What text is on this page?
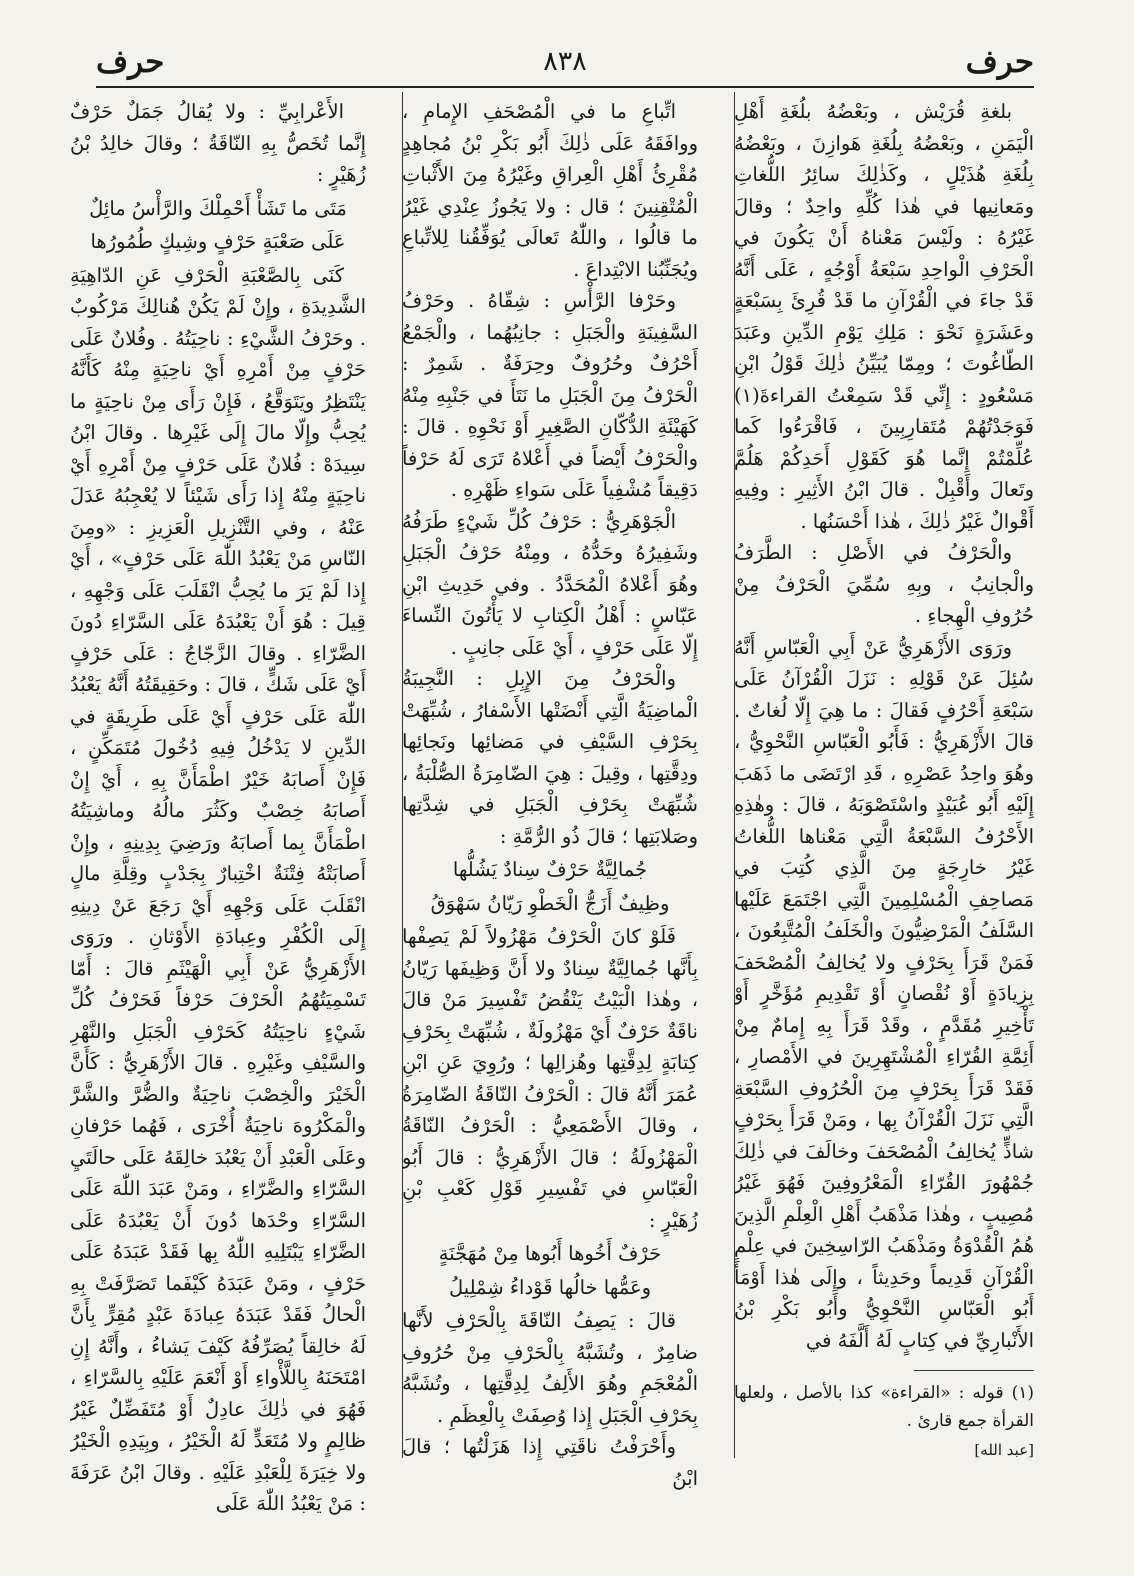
حرف
٨٣٨
حرف

بلغةِ قُرَيْش ، وبَعْضُهُ بلُغَةِ أَهْلِ الْيَمَنِ ، وبَعْضُهُ بِلُغَةِ هَوازِنَ ، وبَعْضُهُ بِلُغَةِ هُذَيْلٍ ، وكَذٰلِكَ سائِرُ اللُّغاتِ ومَعانِيها في هٰذا كُلِّهِ واحِدٌ ؛ وقالَ غَيْرُهُ : ولَيْسَ مَعْناهُ أَنْ يَكُونَ في الْحَرْفِ الْواحِدِ سَبْعَةُ أَوْجُهٍ ، عَلَى أَنَّهُ قَدْ جاءَ في الْقُرْآنِ ما قَدْ قُرِئَ بِسَبْعَةٍ وعَشَرَةٍ نَحْوَ : مَلِكِ يَوْمِ الدِّينِ وعَبَدَ الطّاغُوتَ ؛ ومِمّا يُبَيِّنُ ذٰلِكَ قَوْلُ ابْنِ مَسْعُودٍ : إِنِّي قَدْ سَمِعْتُ القراءةَ(١) فَوَجَدْتُهُمْ مُتَقارِبِينَ ، فَاقْرَءُوا كَما عُلِّمْتُمْ إِنَّما هُوَ كَقَوْلِ أَحَدِكُمْ هَلُمَّ وتَعالَ وأَقْبِلْ . قالَ ابْنُ الأَثِيرِ : وفِيهِ أَقْوالٌ غَيْرُ ذٰلِكَ ، هٰذا أَحْسَنُها .

والْحَرْفُ في الأَصْلِ : الطَّرَفُ والْجانِبُ ، وبِهِ سُمِّيَ الْحَرْفُ مِنْ حُرُوفِ الْهِجاءِ .

ورَوَى الأَزْهَرِيُّ عَنْ أَبِي الْعَبّاسِ أَنَّهُ سُئِلَ عَنْ قَوْلِهِ : نَزَلَ الْقُرْآنُ عَلَى سَبْعَةِ أَحْرُفٍ فَقالَ : ما هِيَ إِلّا لُغاتٌ . قالَ الأَزْهَرِيُّ : فَأَبُو الْعَبّاسِ النَّحْوِيُّ ، وهُوَ واحِدُ عَصْرِهِ ، قَدِ ارْتَضَى ما ذَهَبَ إِلَيْهِ أَبُو عُبَيْدٍ واسْتَصْوَبَهُ ، قالَ : وهٰذِهِ الأَحْرُفُ السَّبْعَةُ الَّتِي مَعْناها اللُّغاتُ غَيْرُ خارِجَةٍ مِنَ الَّذِي كُتِبَ في مَصاحِفِ الْمُسْلِمِينَ الَّتِي اجْتَمَعَ عَلَيْها السَّلَفُ الْمَرْضِيُّونَ والْخَلَفُ الْمُتَّبِعُونَ ، فَمَنْ قَرَأَ بِحَرْفٍ ولا يُخالِفُ الْمُصْحَفَ بِزِيادَةٍ أَوْ نُقْصانٍ أَوْ تَقْدِيمِ مُؤَخَّرٍ أَوْ تَأْخِيرِ مُقَدَّمٍ ، وقَدْ قَرَأَ بِهِ إِمامٌ مِنْ أَئِمَّةِ القُرّاءِ الْمُشْتَهِرِينَ في الأَمْصارِ ، فَقَدْ قَرَأَ بِحَرْفٍ مِنَ الْحُرُوفِ السَّبْعَةِ الَّتِي نَزَلَ الْقُرْآنُ بِها ، ومَنْ قَرَأَ بِحَرْفٍ شاذٍّ يُخالِفُ الْمُصْحَفَ وخالَفَ في ذٰلِكَ جُمْهُورَ القُرّاءِ الْمَعْرُوفِينَ فَهُوَ غَيْرُ مُصِيبٍ ، وهٰذا مَذْهَبُ أَهْلِ الْعِلْمِ الَّذِينَ هُمُ الْقُدْوَةُ ومَذْهَبُ الرّاسِخِينَ في عِلْمِ الْقُرْآنِ قَدِيماً وحَدِيثاً ، وإِلَى هٰذا أَوْمَأَ أَبُو الْعَبّاسِ النَّحْوِيُّ وأَبُو بَكْرِ بْنُ الأَنْبارِيِّ في كِتابٍ لَهُ أَلَّفَهُ في

(١) قوله : «القراءة» كذا بالأصل ، ولعلها القرأة جمع قارئ .

[عبد الله]

اتِّباعِ ما في الْمُصْحَفِ الإِمامِ ، ووافَقَهُ عَلَى ذٰلِكَ أَبُو بَكْرِ بْنُ مُجاهِدٍ مُقْرِئُ أَهْلِ الْعِراقِ وغَيْرُهُ مِنَ الأَثْباتِ الْمُتْقِنِينَ ؛ قال : ولا يَجُوزُ عِنْدِي غَيْرُ ما قالُوا ، واللّٰهُ تَعالَى يُوَفِّقُنا لِلاتِّباعِ ويُجَنِّبُنا الابْتِداعَ .

وحَرْفا الرَّأْسِ : شِقّاهُ . وحَرْفُ السَّفِينَةِ والْجَبَلِ : جانِبُهُما ، والْجَمْعُ أَحْرُفٌ وحُرُوفٌ وحِرَفَةٌ . شَمِرٌ : الْحَرْفُ مِنَ الْجَبَلِ ما نَتَأَ في جَنْبِهِ مِنْهُ كَهَيْئَةِ الدُّكّانِ الصَّغِيرِ أَوْ نَحْوِهِ . قالَ : والْحَرْفُ أَيْضاً في أَعْلاهُ تَرَى لَهُ حَرْفاً دَقِيقاً مُشْفِياً عَلَى سَواءِ ظَهْرِهِ .

الْجَوْهَرِيُّ : حَرْفُ كُلِّ شَيْءٍ طَرَفُهُ وشَفِيرُهُ وحَدُّهُ ، ومِنْهُ حَرْفُ الْجَبَلِ وهُوَ أَعْلاهُ الْمُحَدَّدُ . وفي حَدِيثِ ابْنِ عَبّاسٍ : أَهْلُ الْكِتابِ لا يَأْتُونَ النِّساءَ إِلّا عَلَى حَرْفٍ ، أَيْ عَلَى جانِبٍ .

والْحَرْفُ مِنَ الإِبِلِ : النَّجِيبَةُ الْماضِيَةُ الَّتِي أَنْضَتْها الأَسْفارُ ، شُبِّهَتْ بِحَرْفِ السَّيْفِ في مَضائِها ونَجائِها ودِقَّتِها ، وقِيلَ : هِيَ الضّامِرَةُ الصُّلْبَةُ ، شُبِّهَتْ بِحَرْفِ الْجَبَلِ في شِدَّتِها وصَلابَتِها ؛ قالَ ذُو الرُّمَّةِ :

جُمالِيَّةٌ حَرْفٌ سِنادٌ يَشُلُّها

وظِيفٌ أَزَجُّ الْخَطْوِ رَيّانُ سَهْوَقُ

فَلَوْ كانَ الْحَرْفُ مَهْزُولاً لَمْ يَصِفْها بِأَنَّها جُمالِيَّةٌ سِنادٌ ولا أَنَّ وَظِيفَها رَيّانُ ، وهٰذا الْبَيْتُ يَنْقُضُ تَفْسِيرَ مَنْ قالَ ناقَةٌ حَرْفٌ أَيْ مَهْزُولَةٌ ، شُبِّهَتْ بِحَرْفِ كِتابَةٍ لِدِقَّتِها وهُزالِها ؛ ورُوِيَ عَنِ ابْنِ عُمَرَ أَنَّهُ قالَ : الْحَرْفُ النّاقَةُ الضّامِرَةُ ، وقالَ الأَصْمَعِيُّ : الْحَرْفُ النّاقَةُ الْمَهْزُولَةُ ؛ قالَ الأَزْهَرِيُّ : قالَ أَبُو الْعَبّاسِ في تَفْسِيرِ قَوْلِ كَعْبِ بْنِ زُهَيْرٍ :

حَرْفٌ أَخُوها أَبُوها مِنْ مُهَجَّنَةٍ

وعَمُّها خالُها قَوْداءُ شِمْلِيلُ

قالَ : يَصِفُ النّاقَةَ بِالْحَرْفِ لأَنَّها ضامِرٌ ، وتُشَبَّهُ بِالْحَرْفِ مِنْ حُرُوفِ الْمُعْجَمِ وهُوَ الأَلِفُ لِدِقَّتِها ، وتُشَبَّهُ بِحَرْفِ الْجَبَلِ إِذا وُصِفَتْ بِالْعِظَمِ .

وأَحْرَفْتُ ناقَتِي إِذا هَزَلْتُها ؛ قالَ ابْنُ

الأَعْرابِيِّ : ولا يُقالُ جَمَلٌ حَرْفٌ إِنَّما تُخَصُّ بِهِ النّاقَةُ ؛ وقالَ خالِدُ بْنُ زُهَيْرٍ :

مَتَى ما تَشَأْ أَحْمِلْكَ والرَّأْسُ مائِلٌ

عَلَى صَعْبَةٍ حَرْفٍ وشِيكٍ طُمُورُها

كَنَى بِالصَّعْبَةِ الْحَرْفِ عَنِ الدّاهِيَةِ الشَّدِيدَةِ ، وإِنْ لَمْ يَكُنْ هُنالِكَ مَرْكُوبٌ . وحَرْفُ الشَّيْءِ : ناحِيَتُهُ . وفُلانٌ عَلَى حَرْفٍ مِنْ أَمْرِهِ أَيْ ناحِيَةٍ مِنْهُ كَأَنَّهُ يَنْتَظِرُ ويَتَوَقَّعُ ، فَإِنْ رَأَى مِنْ ناحِيَةٍ ما يُحِبُّ وإِلّا مالَ إِلَى غَيْرِها . وقالَ ابْنُ سِيدَهْ : فُلانٌ عَلَى حَرْفٍ مِنْ أَمْرِهِ أَيْ ناحِيَةٍ مِنْهُ إِذا رَأَى شَيْئاً لا يُعْجِبُهُ عَدَلَ عَنْهُ ، وفي التَّنْزِيلِ الْعَزِيزِ : «ومِنَ النّاسِ مَنْ يَعْبُدُ اللّٰهَ عَلَى حَرْفٍ» ، أَيْ إِذا لَمْ يَرَ ما يُحِبُّ انْقَلَبَ عَلَى وَجْهِهِ ، قِيلَ : هُوَ أَنْ يَعْبُدَهُ عَلَى السَّرّاءِ دُونَ الضَّرّاءِ . وقالَ الزَّجّاجُ : عَلَى حَرْفٍ أَيْ عَلَى شَكٍّ ، قالَ : وحَقِيقَتُهُ أَنَّهُ يَعْبُدُ اللّٰهَ عَلَى حَرْفٍ أَيْ عَلَى طَرِيقَةٍ في الدِّينِ لا يَدْخُلُ فِيهِ دُخُولَ مُتَمَكِّنٍ ، فَإِنْ أَصابَهُ خَيْرٌ اطْمَأَنَّ بِهِ ، أَيْ إِنْ أَصابَهُ خِصْبٌ وكَثُرَ مالُهُ وماشِيَتُهُ اطْمَأَنَّ بِما أَصابَهُ ورَضِيَ بِدِينِهِ ، وإِنْ أَصابَتْهُ فِتْنَةٌ اخْتِبارٌ بِجَدْبٍ وقِلَّةِ مالٍ انْقَلَبَ عَلَى وَجْهِهِ أَيْ رَجَعَ عَنْ دِينِهِ إِلَى الْكُفْرِ وعِبادَةِ الأَوْثانِ . ورَوَى الأَزْهَرِيُّ عَنْ أَبِي الْهَيْثَمِ قالَ : أَمّا تَسْمِيَتُهُمُ الْحَرْفَ حَرْفاً فَحَرْفُ كُلِّ شَيْءٍ ناحِيَتُهُ كَحَرْفِ الْجَبَلِ والنَّهْرِ والسَّيْفِ وغَيْرِهِ . قالَ الأَزْهَرِيُّ : كَأَنَّ الْخَيْرَ والْخِصْبَ ناحِيَةٌ والضُّرَّ والشَّرَّ والْمَكْرُوهَ ناحِيَةٌ أُخْرَى ، فَهُما حَرْفانِ وعَلَى الْعَبْدِ أَنْ يَعْبُدَ خالِقَهُ عَلَى حالَتَيِ السَّرّاءِ والضَّرّاءِ ، ومَنْ عَبَدَ اللّٰهَ عَلَى السَّرّاءِ وحْدَها دُونَ أَنْ يَعْبُدَهُ عَلَى الضَّرّاءِ يَبْتَلِيهِ اللّٰهُ بِها فَقَدْ عَبَدَهُ عَلَى حَرْفٍ ، ومَنْ عَبَدَهُ كَيْفَما تَصَرَّفَتْ بِهِ الْحالُ فَقَدْ عَبَدَهُ عِبادَةَ عَبْدٍ مُقِرٍّ بِأَنَّ لَهُ خالِقاً يُصَرِّفُهُ كَيْفَ يَشاءُ ، وأَنَّهُ إِنِ امْتَحَنَهُ بِاللَّأْواءِ أَوْ أَنْعَمَ عَلَيْهِ بِالسَّرّاءِ ، فَهُوَ في ذٰلِكَ عادِلٌ أَوْ مُتَفَضِّلٌ غَيْرُ ظالِمٍ ولا مُتَعَدٍّ لَهُ الْخَيْرُ ، وبِيَدِهِ الْخَيْرُ ولا خِيَرَةَ لِلْعَبْدِ عَلَيْهِ . وقالَ ابْنُ عَرَفَةَ : مَنْ يَعْبُدُ اللّٰهَ عَلَى
